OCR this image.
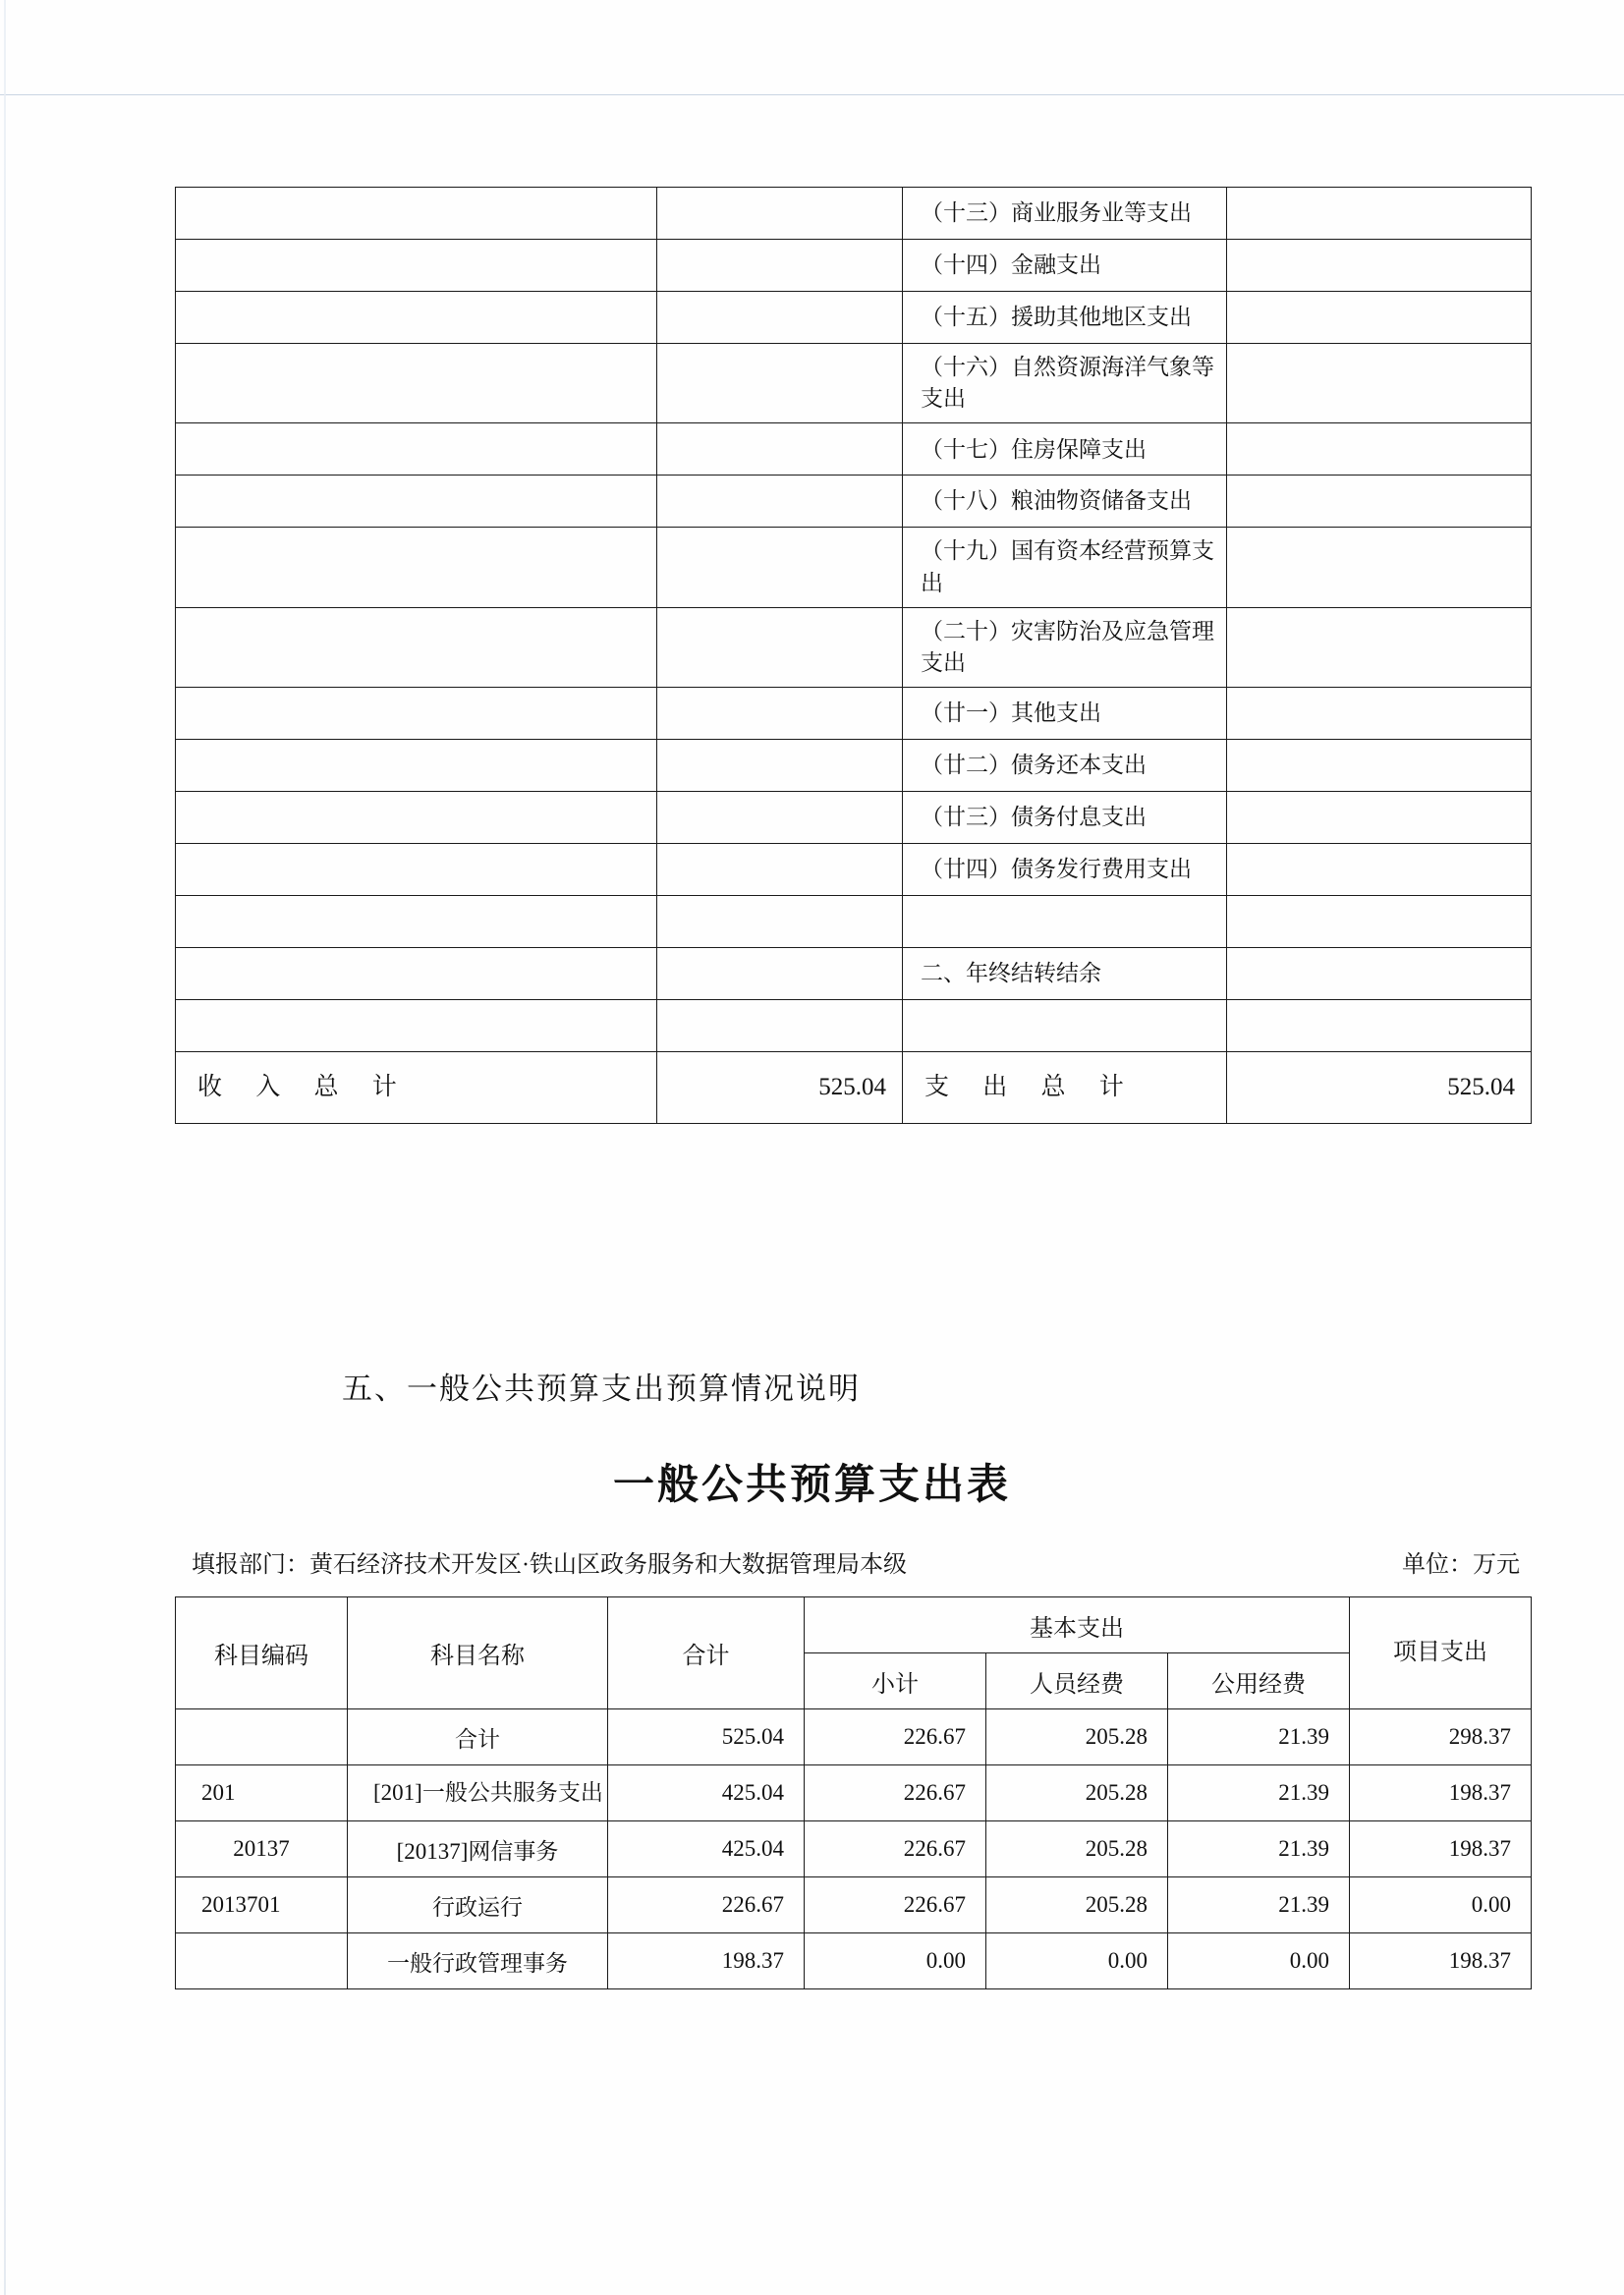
		（十三）商业服务业等支出	
		（十四）金融支出	
		（十五）援助其他地区支出	
		（十六）自然资源海洋气象等支出	
		（十七）住房保障支出	
		（十八）粮油物资储备支出	
		（十九）国有资本经营预算支出	
		（二十）灾害防治及应急管理支出	
		（廿一）其他支出	
		（廿二）债务还本支出	
		（廿三）债务付息支出	
		（廿四）债务发行费用支出	

		二、年终结转结余	

收 入 总 计	525.04	支 出 总 计	525.04
五、一般公共预算支出预算情况说明
一般公共预算支出表
填报部门：黄石经济技术开发区·铁山区政务服务和大数据管理局本级	单位：万元
科目编码	科目名称	合计	基本支出			项目支出
			小计	人员经费	公用经费	
	合计	525.04	226.67	205.28	21.39	298.37
201	[201]一般公共服务支出	425.04	226.67	205.28	21.39	198.37
20137	[20137]网信事务	425.04	226.67	205.28	21.39	198.37
2013701	行政运行	226.67	226.67	205.28	21.39	0.00
	一般行政管理事务	198.37	0.00	0.00	0.00	198.37
